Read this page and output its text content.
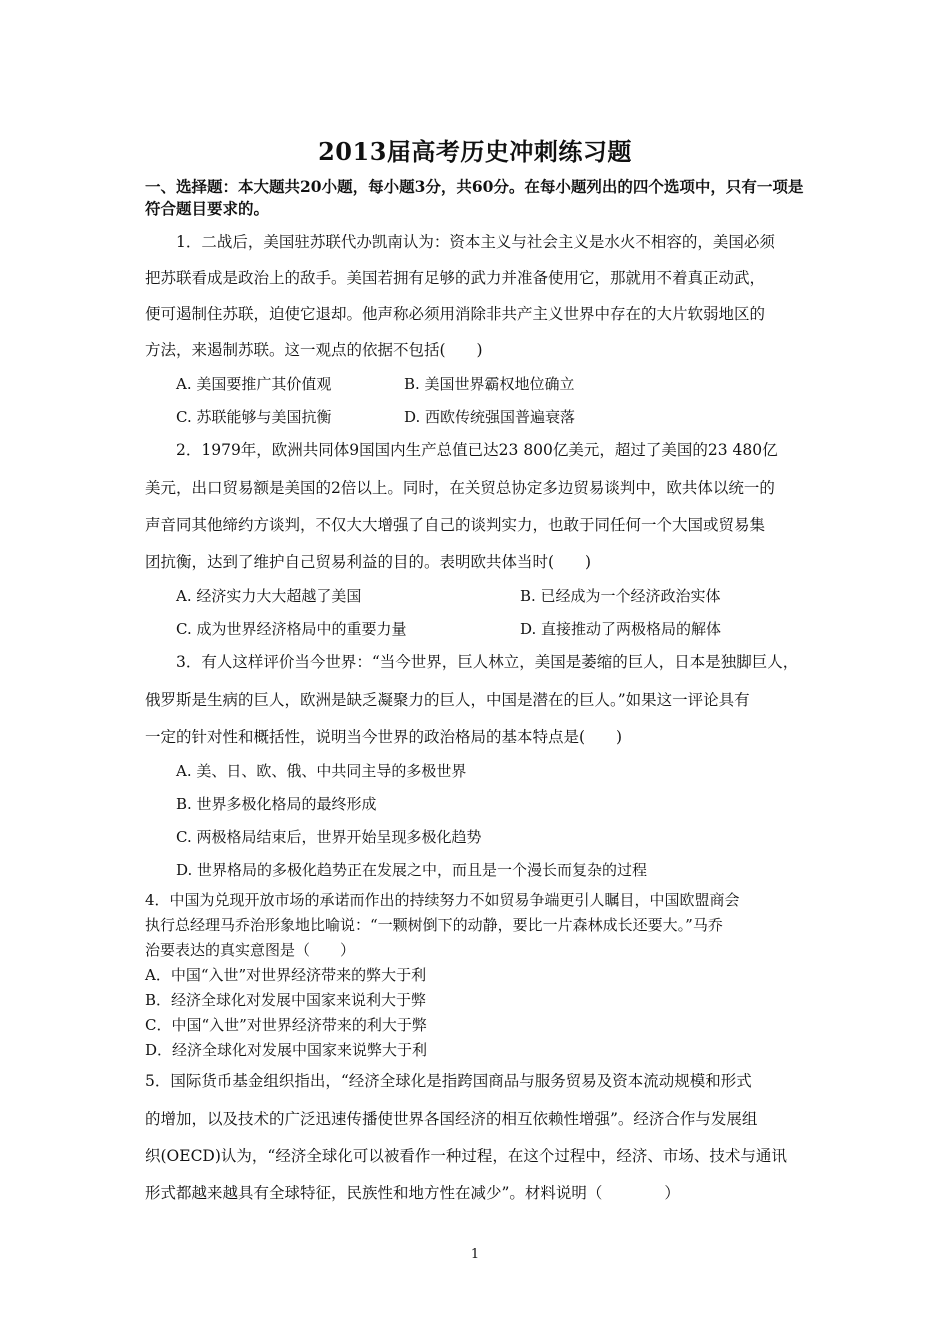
2013届高考历史冲刺练习题
一、选择题：本大题共20小题，每小题3分，共60分。在每小题列出的四个选项中，只有一项是符合题目要求的。
1．二战后，美国驻苏联代办凯南认为：资本主义与社会主义是水火不相容的，美国必须
把苏联看成是政治上的敌手。美国若拥有足够的武力并准备使用它，那就用不着真正动武，
便可遏制住苏联，迫使它退却。他声称必须用消除非共产主义世界中存在的大片软弱地区的
方法，来遏制苏联。这一观点的依据不包括(　　)
A. 美国要推广其价值观	B. 美国世界霸权地位确立
C. 苏联能够与美国抗衡	D. 西欧传统强国普遍衰落
2．1979年，欧洲共同体9国国内生产总值已达23 800亿美元，超过了美国的23 480亿
美元，出口贸易额是美国的2倍以上。同时，在关贸总协定多边贸易谈判中，欧共体以统一的
声音同其他缔约方谈判，不仅大大增强了自己的谈判实力，也敢于同任何一个大国或贸易集
团抗衡，达到了维护自己贸易利益的目的。表明欧共体当时(　　)
A. 经济实力大大超越了美国	B. 已经成为一个经济政治实体
C. 成为世界经济格局中的重要力量	D. 直接推动了两极格局的解体
3．有人这样评价当今世界：“当今世界，巨人林立，美国是萎缩的巨人，日本是独脚巨人，
俄罗斯是生病的巨人，欧洲是缺乏凝聚力的巨人，中国是潜在的巨人。”如果这一评论具有
一定的针对性和概括性，说明当今世界的政治格局的基本特点是(　　)
A. 美、日、欧、俄、中共同主导的多极世界
B. 世界多极化格局的最终形成
C. 两极格局结束后，世界开始呈现多极化趋势
D. 世界格局的多极化趋势正在发展之中，而且是一个漫长而复杂的过程
4．中国为兑现开放市场的承诺而作出的持续努力不如贸易争端更引人瞩目，中国欧盟商会
执行总经理马乔治形象地比喻说：“一颗树倒下的动静，要比一片森林成长还要大。”马乔
治要表达的真实意图是（　　）
A．中国“入世”对世界经济带来的弊大于利
B．经济全球化对发展中国家来说利大于弊
C．中国“入世”对世界经济带来的利大于弊
D．经济全球化对发展中国家来说弊大于利
5．国际货币基金组织指出，“经济全球化是指跨国商品与服务贸易及资本流动规模和形式
的增加，以及技术的广泛迅速传播使世界各国经济的相互依赖性增强”。经济合作与发展组
织(OECD)认为，“经济全球化可以被看作一种过程，在这个过程中，经济、市场、技术与通讯
形式都越来越具有全球特征，民族性和地方性在减少”。材料说明（　　　　）
1
